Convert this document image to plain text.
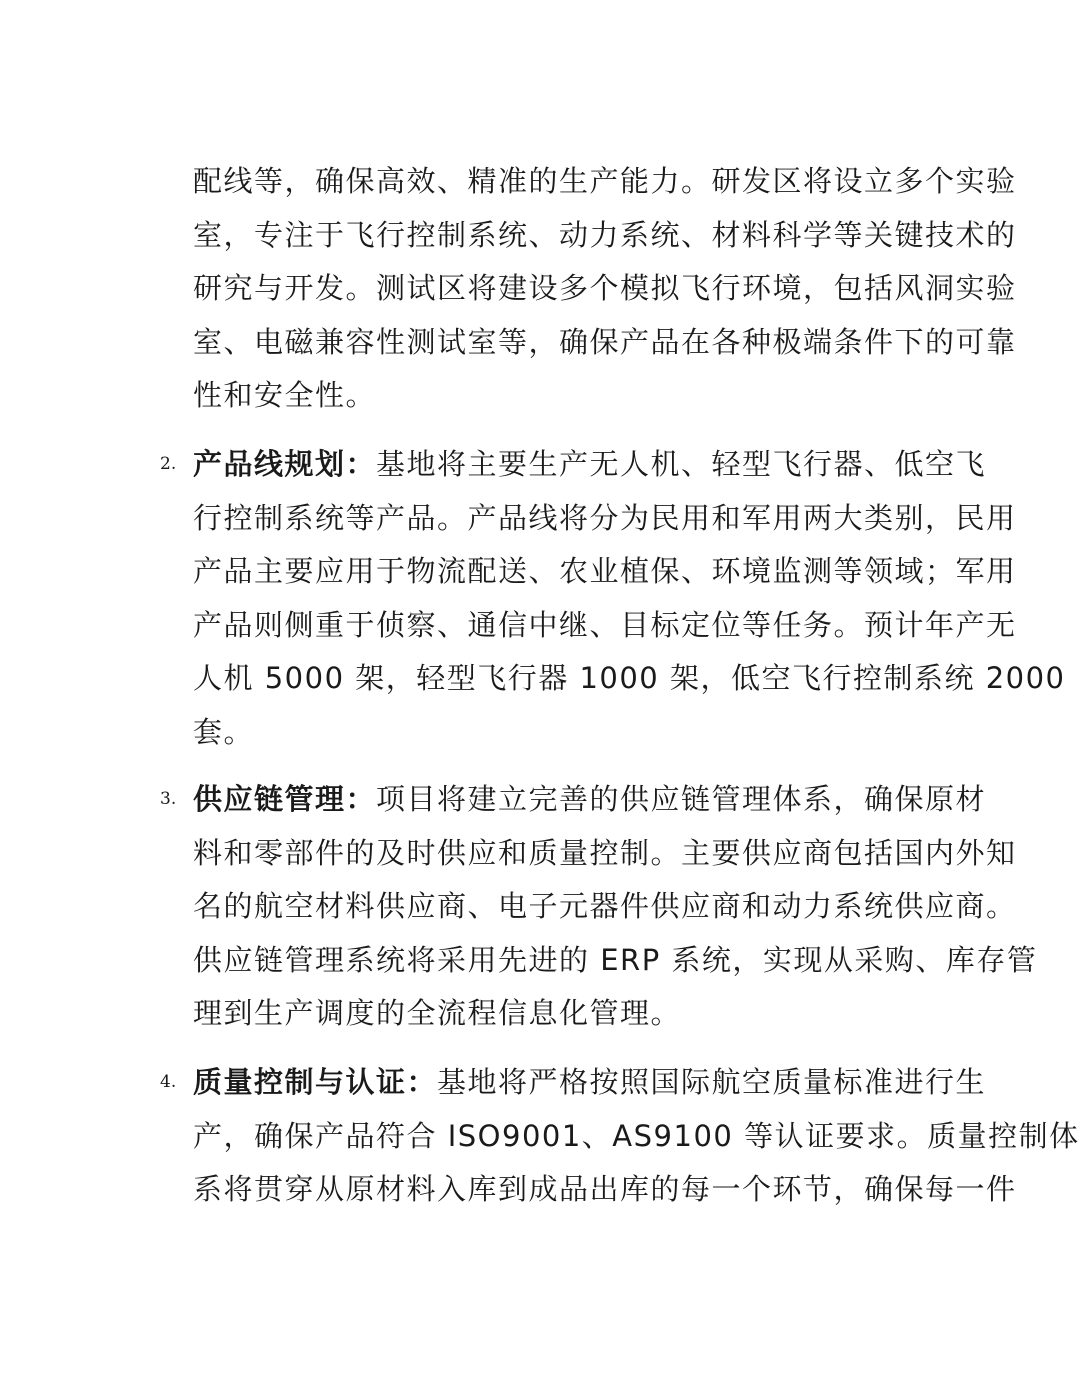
配线等，确保高效、精准的生产能力。研发区将设立多个实验
室，专注于飞行控制系统、动力系统、材料科学等关键技术的
研究与开发。测试区将建设多个模拟飞行环境，包括风洞实验
室、电磁兼容性测试室等，确保产品在各种极端条件下的可靠
性和安全性。

2. 产品线规划：基地将主要生产无人机、轻型飞行器、低空飞
行控制系统等产品。产品线将分为民用和军用两大类别，民用
产品主要应用于物流配送、农业植保、环境监测等领域；军用
产品则侧重于侦察、通信中继、目标定位等任务。预计年产无
人机 5000 架，轻型飞行器 1000 架，低空飞行控制系统 2000
套。
3. 供应链管理：项目将建立完善的供应链管理体系，确保原材
料和零部件的及时供应和质量控制。主要供应商包括国内外知
名的航空材料供应商、电子元器件供应商和动力系统供应商。
供应链管理系统将采用先进的 ERP 系统，实现从采购、库存管
理到生产调度的全流程信息化管理。
4. 质量控制与认证：基地将严格按照国际航空质量标准进行生
产，确保产品符合 ISO9001、AS9100 等认证要求。质量控制体
系将贯穿从原材料入库到成品出库的每一个环节，确保每一件
